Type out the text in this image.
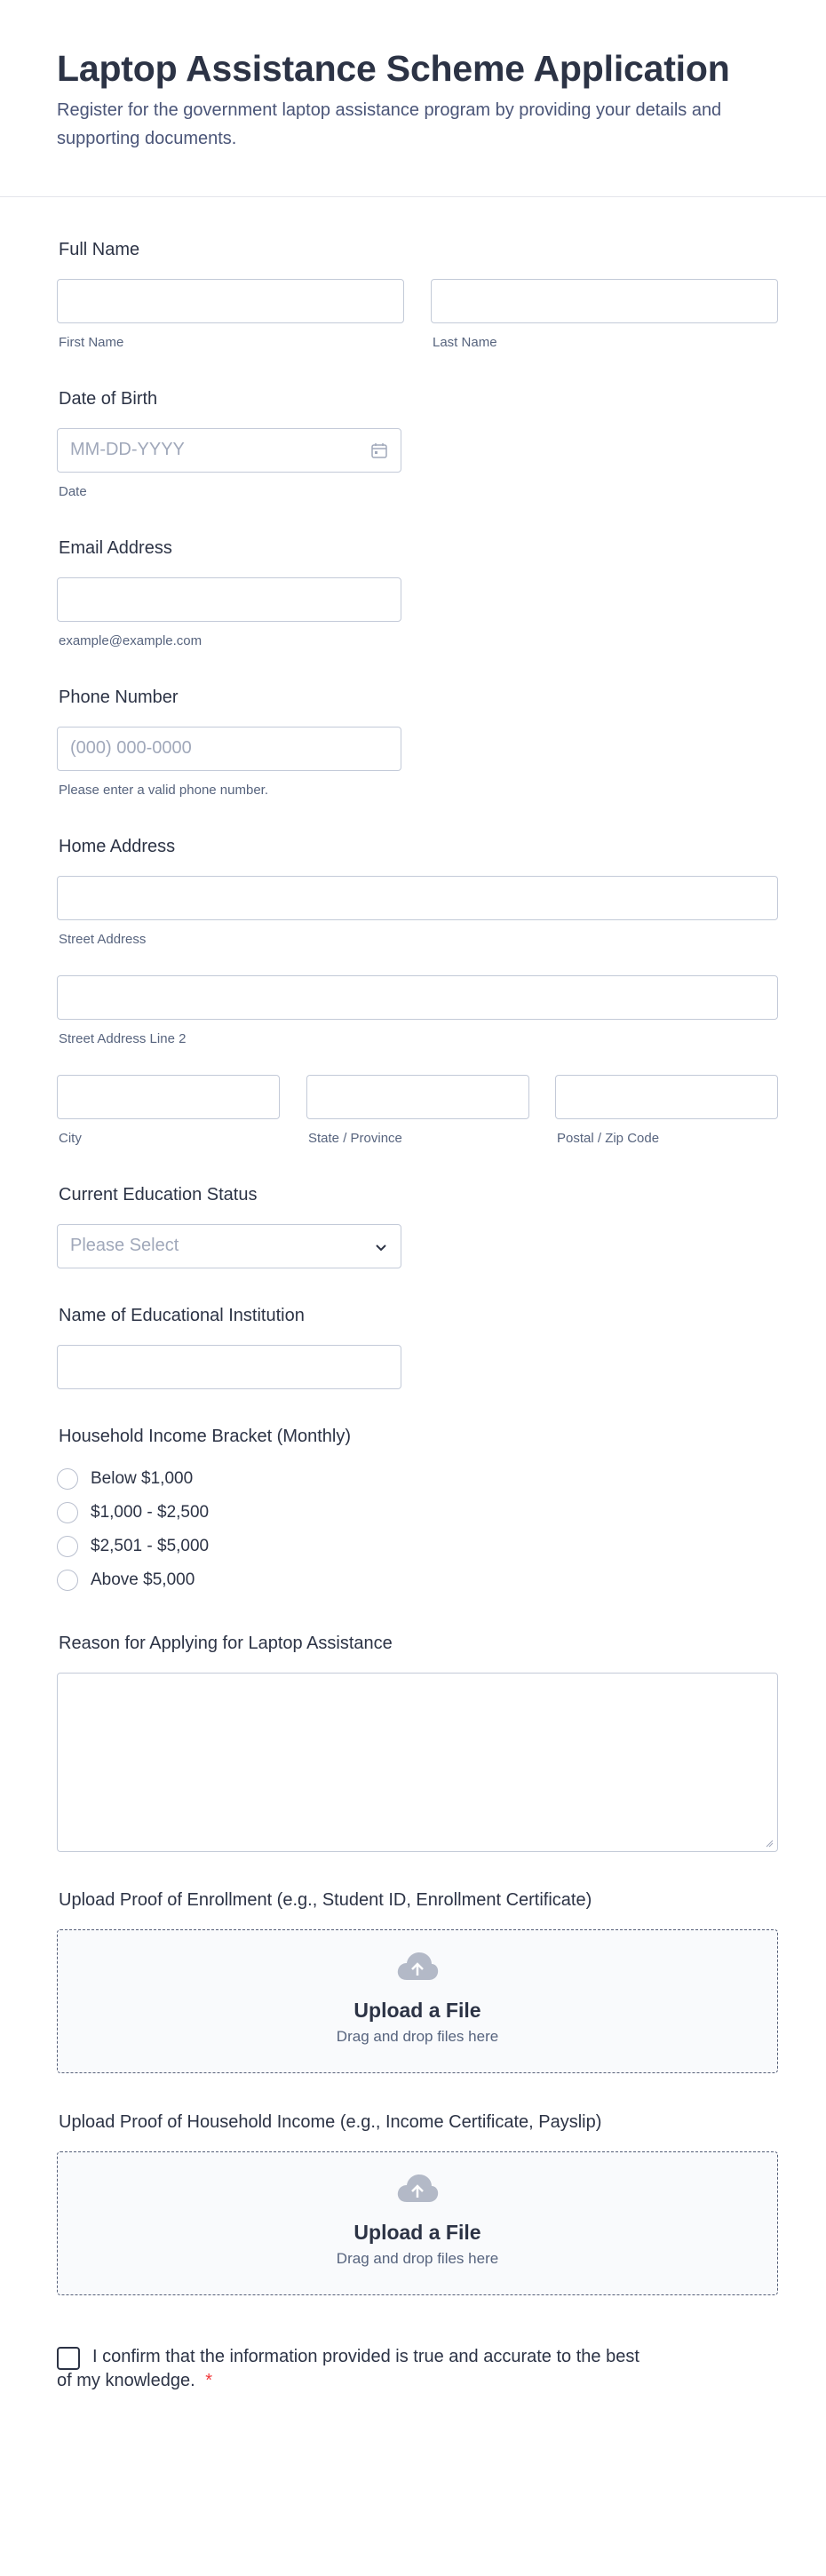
Laptop Assistance Scheme Application
Register for the government laptop assistance program by providing your details and supporting documents.
Full Name
First Name	Last Name
Date of Birth
MM-DD-YYYY
Date
Email Address
example@example.com
Phone Number
(000) 000-0000
Please enter a valid phone number.
Home Address
Street Address
Street Address Line 2
City	State / Province	Postal / Zip Code
Current Education Status
Please Select
Name of Educational Institution
Household Income Bracket (Monthly)
Below $1,000
$1,000 - $2,500
$2,501 - $5,000
Above $5,000
Reason for Applying for Laptop Assistance
Upload Proof of Enrollment (e.g., Student ID, Enrollment Certificate)
Upload a File
Drag and drop files here
Upload Proof of Household Income (e.g., Income Certificate, Payslip)
Upload a File
Drag and drop files here
I confirm that the information provided is true and accurate to the best
of my knowledge. *
